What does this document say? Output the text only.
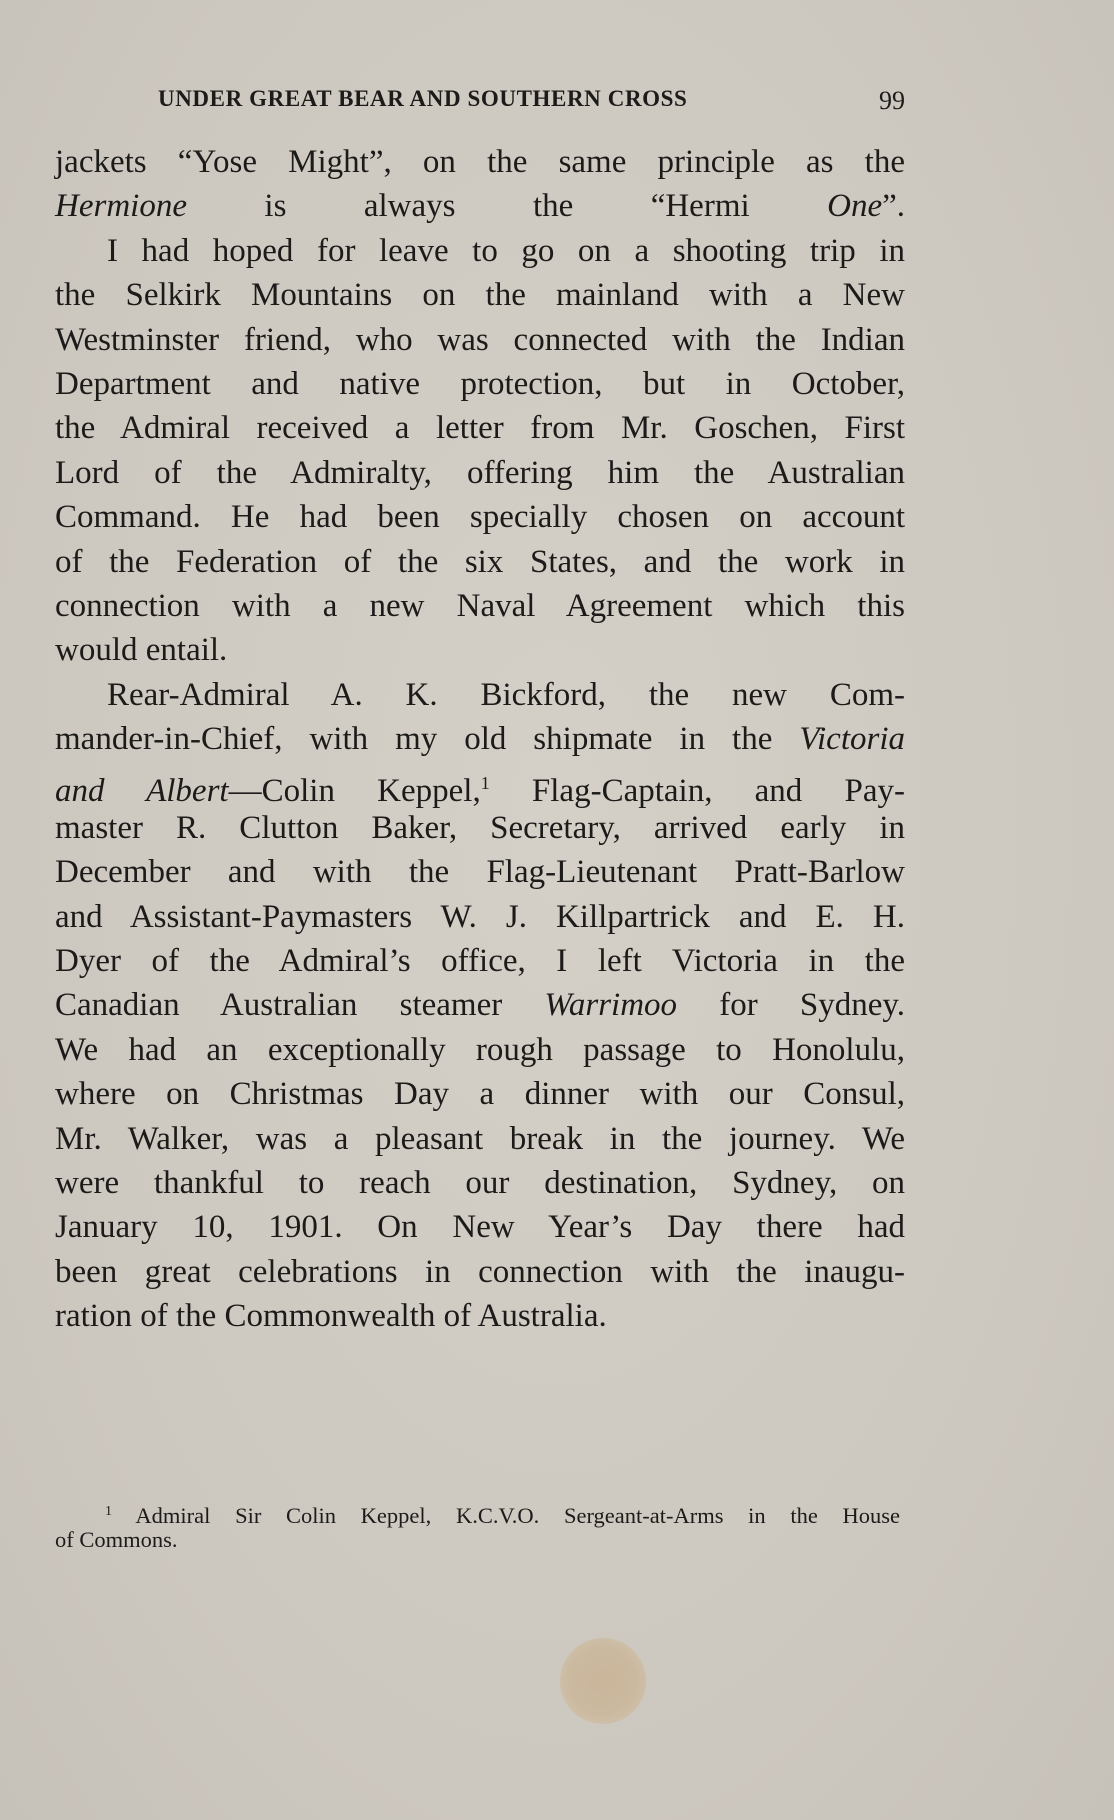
UNDER GREAT BEAR AND SOUTHERN CROSS	99
jackets “Yose Might”, on the same principle as the
Hermione is always the “Hermi One”.
I had hoped for leave to go on a shooting trip in
the Selkirk Mountains on the mainland with a New
Westminster friend, who was connected with the Indian
Department and native protection, but in October,
the Admiral received a letter from Mr. Goschen, First
Lord of the Admiralty, offering him the Australian
Command. He had been specially chosen on account
of the Federation of the six States, and the work in
connection with a new Naval Agreement which this
would entail.
Rear-Admiral A. K. Bickford, the new Com-
mander-in-Chief, with my old shipmate in the Victoria
and Albert—Colin Keppel,$^1$ Flag-Captain, and Pay-
master R. Clutton Baker, Secretary, arrived early in
December and with the Flag-Lieutenant Pratt-Barlow
and Assistant-Paymasters W. J. Killpartrick and E. H.
Dyer of the Admiral’s office, I left Victoria in the
Canadian Australian steamer Warrimoo for Sydney.
We had an exceptionally rough passage to Honolulu,
where on Christmas Day a dinner with our Consul,
Mr. Walker, was a pleasant break in the journey. We
were thankful to reach our destination, Sydney, on
January 10, 1901. On New Year’s Day there had
been great celebrations in connection with the inaugu-
ration of the Commonwealth of Australia.
$^1$ Admiral Sir Colin Keppel, K.C.V.O. Sergeant-at-Arms in the House
of Commons.
